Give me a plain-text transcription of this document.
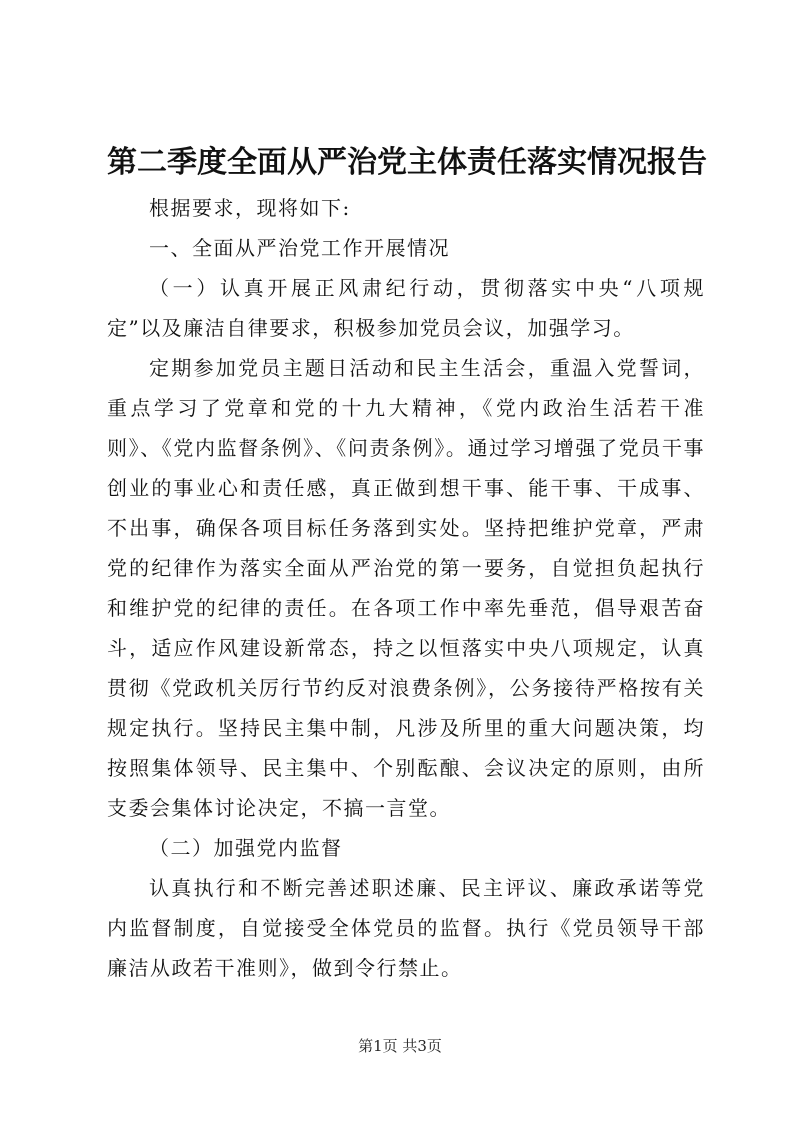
第二季度全面从严治党主体责任落实情况报告

根据要求，现将如下:

一、全面从严治党工作开展情况

（一）认真开展正风肃纪行动，贯彻落实中央“八项规定”以及廉洁自律要求，积极参加党员会议，加强学习。

定期参加党员主题日活动和民主生活会，重温入党誓词，重点学习了党章和党的十九大精神，《党内政治生活若干准则》、《党内监督条例》、《问责条例》。通过学习增强了党员干事创业的事业心和责任感，真正做到想干事、能干事、干成事、不出事，确保各项目标任务落到实处。坚持把维护党章，严肃党的纪律作为落实全面从严治党的第一要务，自觉担负起执行和维护党的纪律的责任。在各项工作中率先垂范，倡导艰苦奋斗，适应作风建设新常态，持之以恒落实中央八项规定，认真贯彻《党政机关厉行节约反对浪费条例》，公务接待严格按有关规定执行。坚持民主集中制，凡涉及所里的重大问题决策，均按照集体领导、民主集中、个别酝酿、会议决定的原则，由所支委会集体讨论决定，不搞一言堂。

（二）加强党内监督

认真执行和不断完善述职述廉、民主评议、廉政承诺等党内监督制度，自觉接受全体党员的监督。执行《党员领导干部廉洁从政若干准则》，做到令行禁止。

第1页 共3页
